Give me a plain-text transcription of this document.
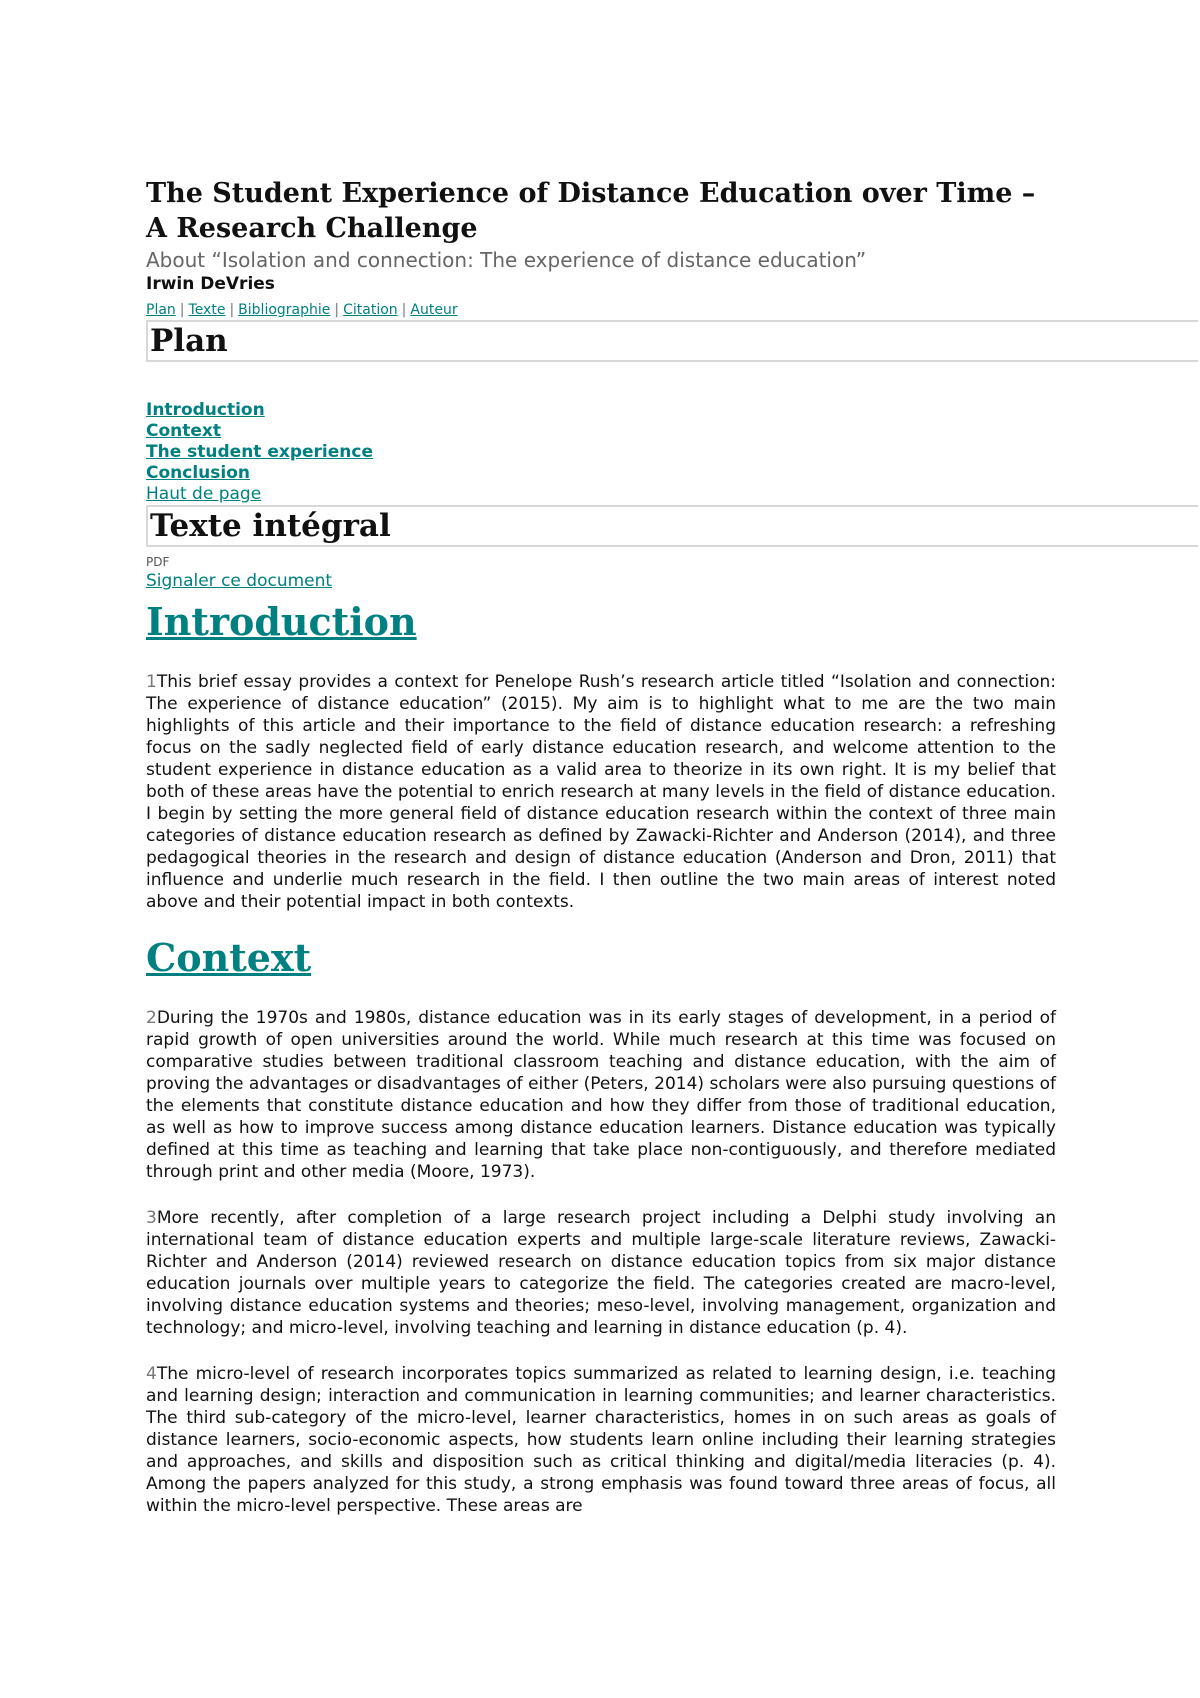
The Student Experience of Distance Education over Time – A Research Challenge
About “Isolation and connection: The experience of distance education”
Irwin DeVries
Plan | Texte | Bibliographie | Citation | Auteur
Plan
Introduction
Context
The student experience
Conclusion
Haut de page
Texte intégral
PDF
Signaler ce document
Introduction

1This brief essay provides a context for Penelope Rush’s research article titled “Isolation and connection: The experience of distance education” (2015). My aim is to highlight what to me are the two main highlights of this article and their importance to the field of distance education research: a refreshing focus on the sadly neglected field of early distance education research, and welcome attention to the student experience in distance education as a valid area to theorize in its own right. It is my belief that both of these areas have the potential to enrich research at many levels in the field of distance education. I begin by setting the more general field of distance education research within the context of three main categories of distance education research as defined by Zawacki-Richter and Anderson (2014), and three pedagogical theories in the research and design of distance education (Anderson and Dron, 2011) that influence and underlie much research in the field. I then outline the two main areas of interest noted above and their potential impact in both contexts.

Context

2During the 1970s and 1980s, distance education was in its early stages of development, in a period of rapid growth of open universities around the world. While much research at this time was focused on comparative studies between traditional classroom teaching and distance education, with the aim of proving the advantages or disadvantages of either (Peters, 2014) scholars were also pursuing questions of the elements that constitute distance education and how they differ from those of traditional education, as well as how to improve success among distance education learners. Distance education was typically defined at this time as teaching and learning that take place non-contiguously, and therefore mediated through print and other media (Moore, 1973).

3More recently, after completion of a large research project including a Delphi study involving an international team of distance education experts and multiple large-scale literature reviews, Zawacki-Richter and Anderson (2014) reviewed research on distance education topics from six major distance education journals over multiple years to categorize the field. The categories created are macro-level, involving distance education systems and theories; meso-level, involving management, organization and technology; and micro-level, involving teaching and learning in distance education (p. 4).

4The micro-level of research incorporates topics summarized as related to learning design, i.e. teaching and learning design; interaction and communication in learning communities; and learner characteristics. The third sub-category of the micro-level, learner characteristics, homes in on such areas as goals of distance learners, socio-economic aspects, how students learn online including their learning strategies and approaches, and skills and disposition such as critical thinking and digital/media literacies (p. 4). Among the papers analyzed for this study, a strong emphasis was found toward three areas of focus, all within the micro-level perspective. These areas are
